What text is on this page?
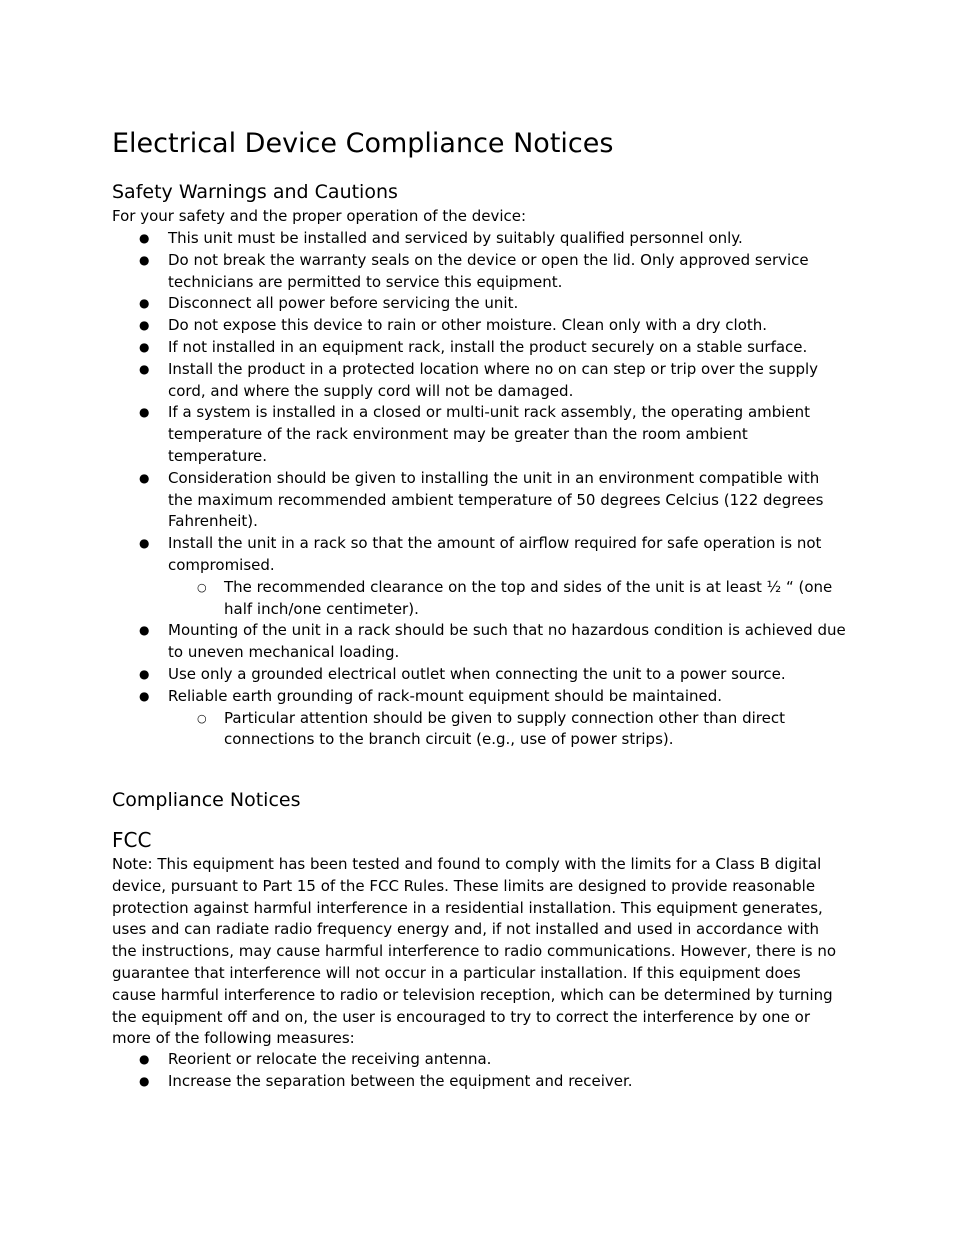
Electrical Device Compliance Notices
Safety Warnings and Cautions

For your safety and the proper operation of the device:

● This unit must be installed and serviced by suitably qualified personnel only.
● Do not break the warranty seals on the device or open the lid. Only approved service technicians are permitted to service this equipment.
● Disconnect all power before servicing the unit.
● Do not expose this device to rain or other moisture. Clean only with a dry cloth.
● If not installed in an equipment rack, install the product securely on a stable surface.
● Install the product in a protected location where no on can step or trip over the supply cord, and where the supply cord will not be damaged.
● If a system is installed in a closed or multi-unit rack assembly, the operating ambient temperature of the rack environment may be greater than the room ambient temperature.
● Consideration should be given to installing the unit in an environment compatible with the maximum recommended ambient temperature of 50 degrees Celcius (122 degrees Fahrenheit).
● Install the unit in a rack so that the amount of airflow required for safe operation is not compromised.
○ The recommended clearance on the top and sides of the unit is at least ½ “ (one half inch/one centimeter).
● Mounting of the unit in a rack should be such that no hazardous condition is achieved due to uneven mechanical loading.
● Use only a grounded electrical outlet when connecting the unit to a power source.
● Reliable earth grounding of rack-mount equipment should be maintained.
○ Particular attention should be given to supply connection other than direct connections to the branch circuit (e.g., use of power strips).
Compliance Notices
FCC

Note: This equipment has been tested and found to comply with the limits for a Class B digital device, pursuant to Part 15 of the FCC Rules. These limits are designed to provide reasonable protection against harmful interference in a residential installation. This equipment generates, uses and can radiate radio frequency energy and, if not installed and used in accordance with the instructions, may cause harmful interference to radio communications. However, there is no guarantee that interference will not occur in a particular installation. If this equipment does cause harmful interference to radio or television reception, which can be determined by turning the equipment off and on, the user is encouraged to try to correct the interference by one or more of the following measures:

● Reorient or relocate the receiving antenna.
● Increase the separation between the equipment and receiver.
